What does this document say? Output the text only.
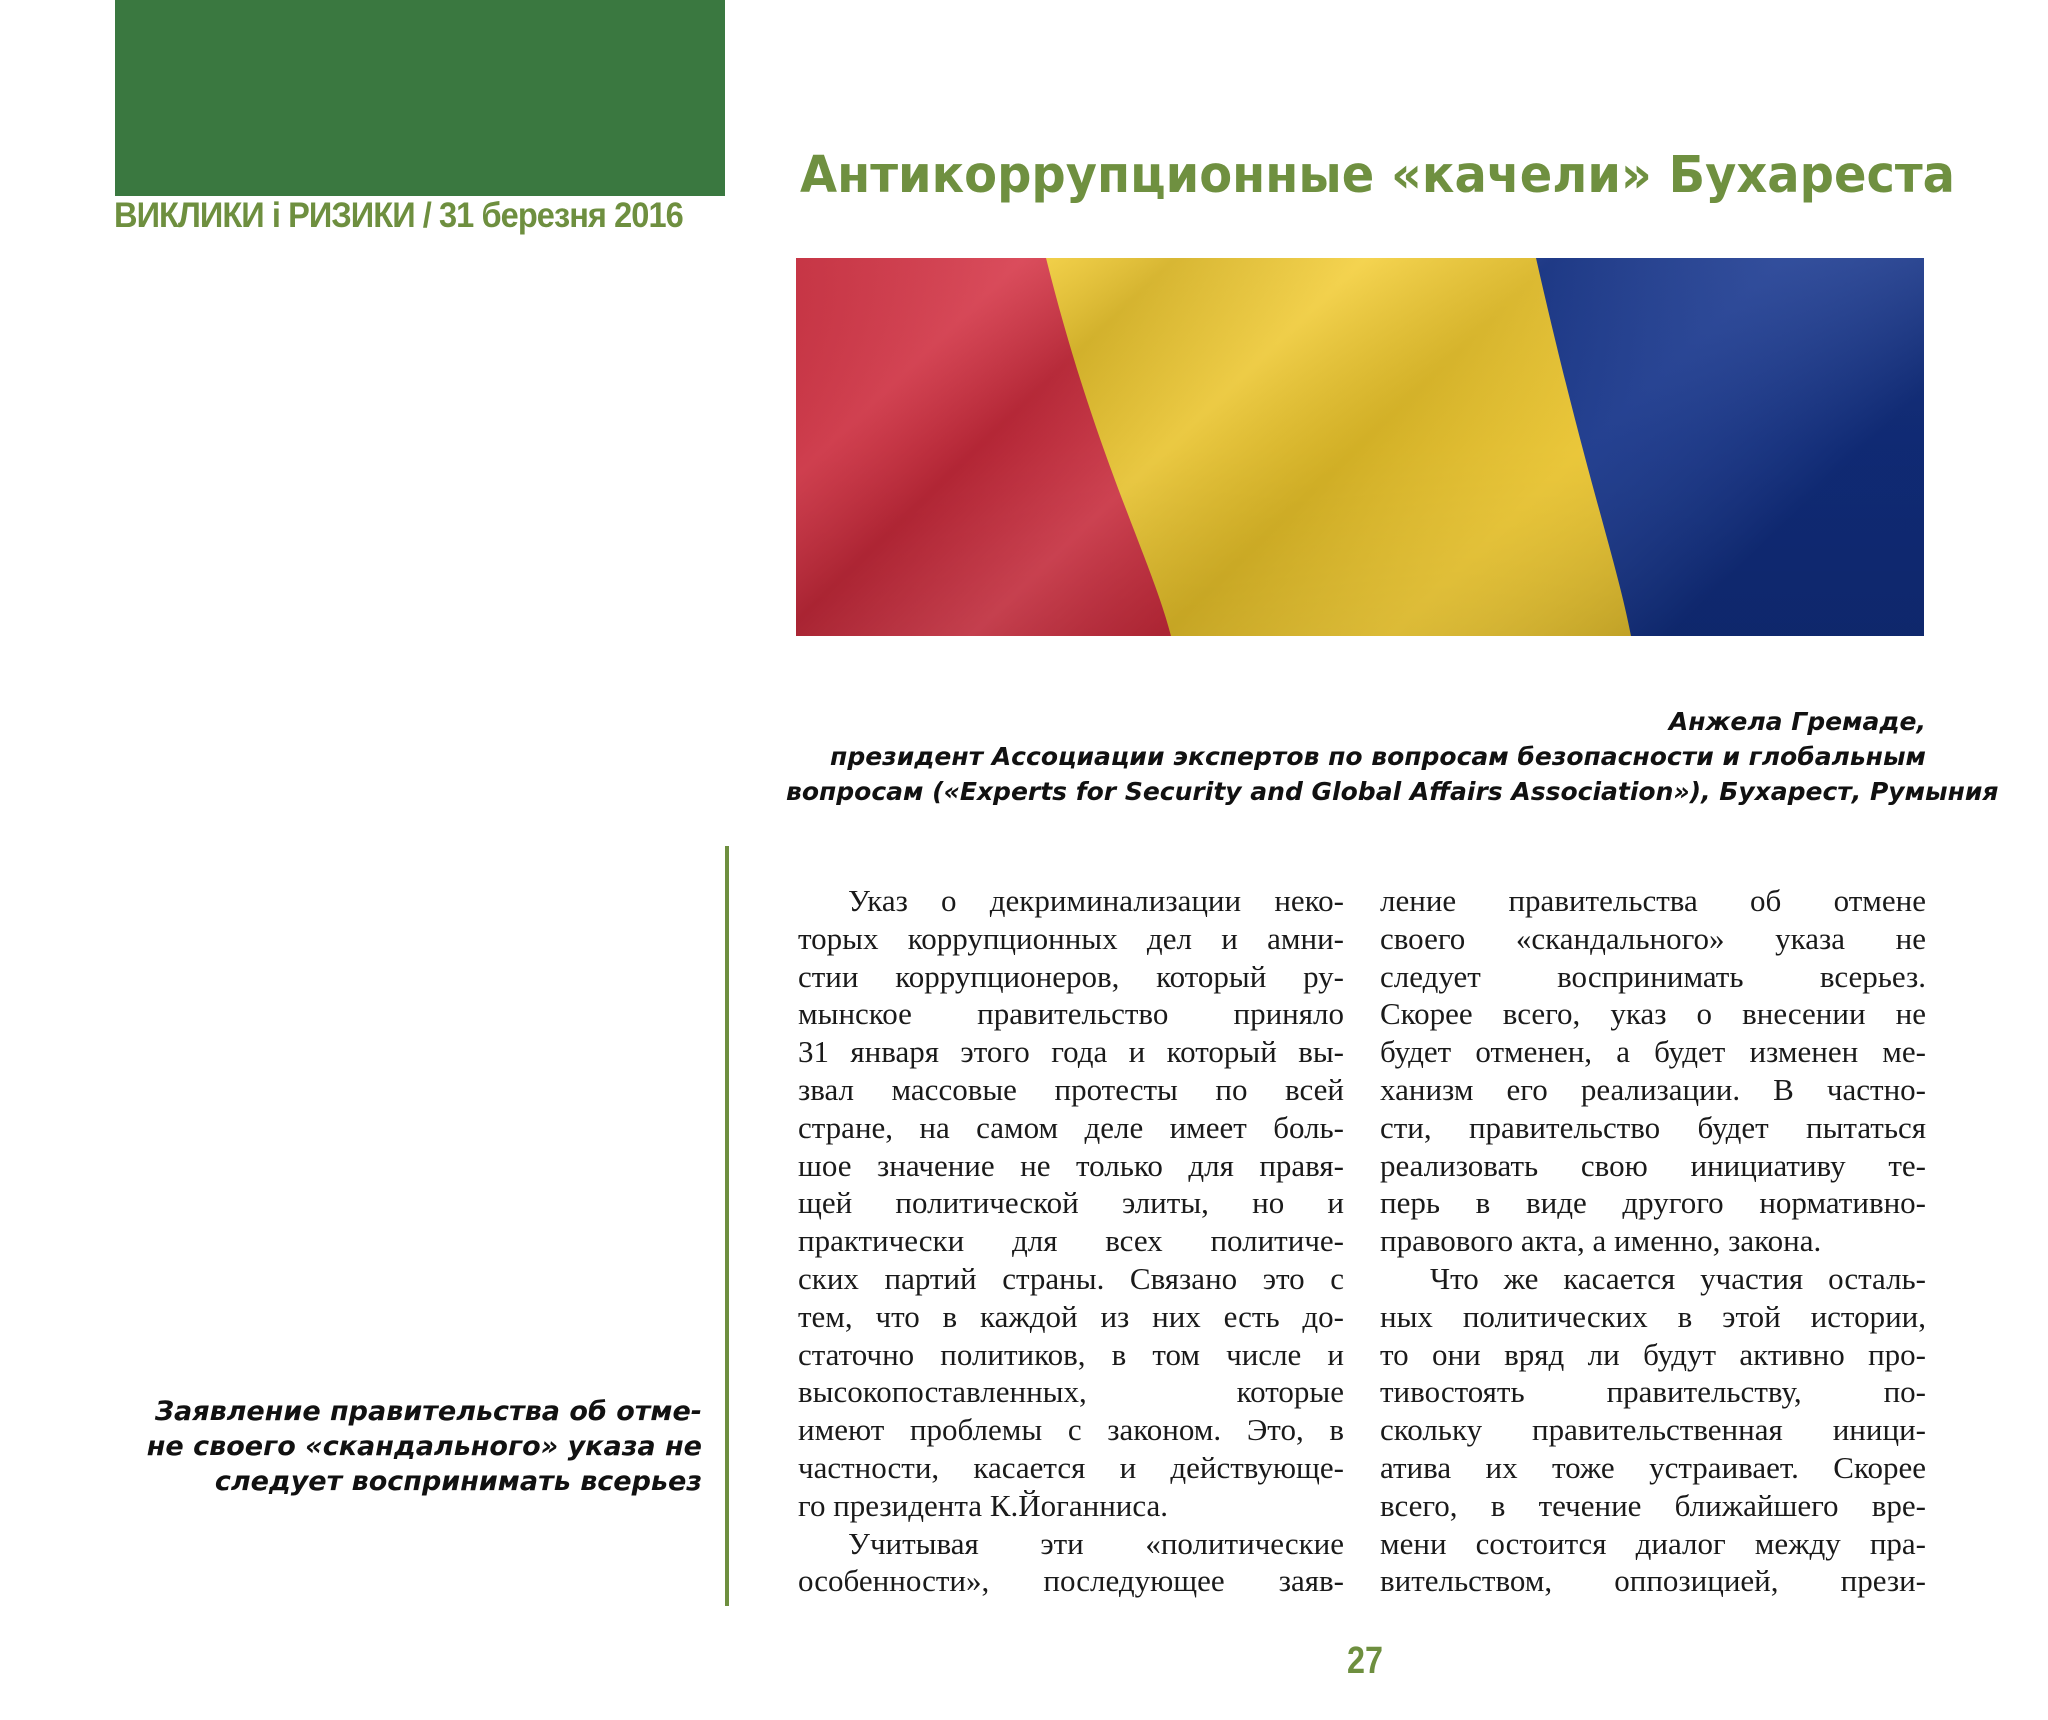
ВИКЛИКИ і РИЗИКИ / 31 березня 2016
Антикоррупционные «качели» Бухареста
Анжела Гремаде,
президент Ассоциации экспертов по вопросам безопасности и глобальным
вопросам («Experts for Security and Global Affairs Association»), Бухарест, Румыния
Заявление правительства об отме-
не своего «скандального» указа не
следует воспринимать всерьез
Указ о декриминализации неко-
торых коррупционных дел и амни-
стии коррупционеров, который ру-
мынское правительство приняло
31 января этого года и который вы-
звал массовые протесты по всей
стране, на самом деле имеет боль-
шое значение не только для правя-
щей политической элиты, но и
практически для всех политиче-
ских партий страны. Связано это с
тем, что в каждой из них есть до-
статочно политиков, в том числе и
высокопоставленных, которые
имеют проблемы с законом. Это, в
частности, касается и действующе-
го президента К.Йоганниса.
Учитывая эти «политические
особенности», последующее заяв-
ление правительства об отмене
своего «скандального» указа не
следует воспринимать всерьез.
Скорее всего, указ о внесении не
будет отменен, а будет изменен ме-
ханизм его реализации. В частно-
сти, правительство будет пытаться
реализовать свою инициативу те-
перь в виде другого нормативно-
правового акта, а именно, закона.
Что же касается участия осталь-
ных политических в этой истории,
то они вряд ли будут активно про-
тивостоять правительству, по-
скольку правительственная иници-
атива их тоже устраивает. Скорее
всего, в течение ближайшего вре-
мени состоится диалог между пра-
вительством, оппозицией, прези-
27
